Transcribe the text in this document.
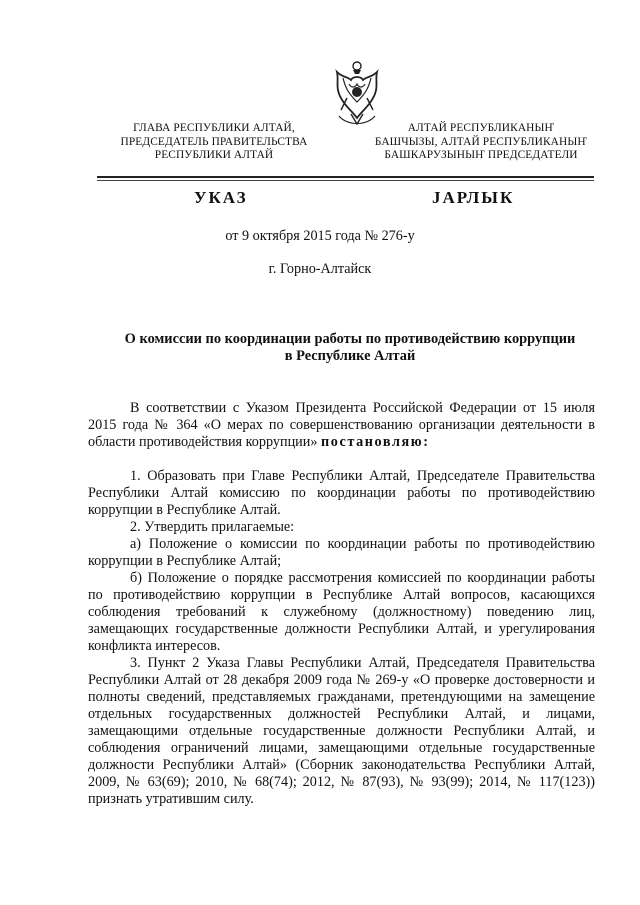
ГЛАВА РЕСПУБЛИКИ АЛТАЙ,
ПРЕДСЕДАТЕЛЬ ПРАВИТЕЛЬСТВА
РЕСПУБЛИКИ АЛТАЙ
АЛТАЙ РЕСПУБЛИКАНЫҤ
БАШЧЫЗЫ, АЛТАЙ РЕСПУБЛИКАНЫҤ
БАШКАРУЗЫНЫҤ ПРЕДСЕДАТЕЛИ
УКАЗ	JАРЛЫК
от 9 октября 2015 года № 276-у
г. Горно-Алтайск
О комиссии по координации работы по противодействию коррупции
в Республике Алтай

В соответствии с Указом Президента Российской Федерации от 15 июля 2015 года № 364 «О мерах по совершенствованию организации деятельности в области противодействия коррупции» постановляю:

1. Образовать при Главе Республики Алтай, Председателе Правительства Республики Алтай комиссию по координации работы по противодействию коррупции в Республике Алтай.

2. Утвердить прилагаемые:

а) Положение о комиссии по координации работы по противодействию коррупции в Республике Алтай;

б) Положение о порядке рассмотрения комиссией по координации работы по противодействию коррупции в Республике Алтай вопросов, касающихся соблюдения требований к служебному (должностному) поведению лиц, замещающих государственные должности Республики Алтай, и урегулирования конфликта интересов.

3. Пункт 2 Указа Главы Республики Алтай, Председателя Правительства Республики Алтай от 28 декабря 2009 года № 269-у «О проверке достоверности и полноты сведений, представляемых гражданами, претендующими на замещение отдельных государственных должностей Республики Алтай, и лицами, замещающими отдельные государственные должности Республики Алтай, и соблюдения ограничений лицами, замещающими отдельные государственные должности Республики Алтай» (Сборник законодательства Республики Алтай, 2009, № 63(69); 2010, № 68(74); 2012, № 87(93), № 93(99); 2014, № 117(123)) признать утратившим силу.
